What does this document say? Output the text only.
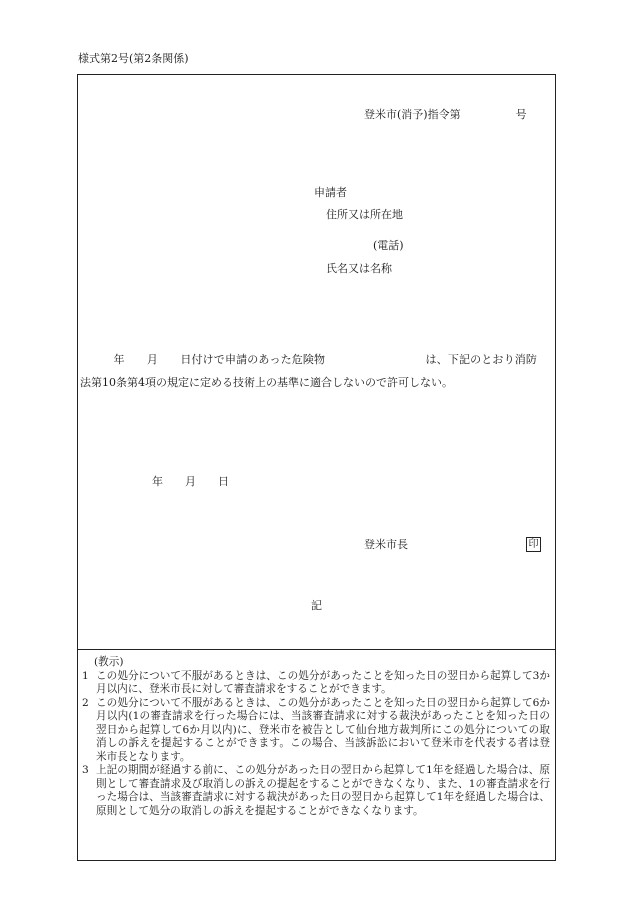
様式第2号(第2条関係)
登米市(消予)指令第　　　　　号
申請者
住所又は所在地
(電話)
氏名又は名称
　　　年　　月　　日付けで申請のあった危険物　　　　　　　　　は、下記のとおり消防
法第10条第4項の規定に定める技術上の基準に適合しないので許可しない。
年　　月　　日
登米市長	印
記
(教示)
1 この処分について不服があるときは、この処分があったことを知った日の翌日から起算して3か月以内に、登米市長に対して審査請求をすることができます。
2 この処分について不服があるときは、この処分があったことを知った日の翌日から起算して6か月以内(1の審査請求を行った場合には、当該審査請求に対する裁決があったことを知った日の翌日から起算して6か月以内)に、登米市を被告として仙台地方裁判所にこの処分についての取消しの訴えを提起することができます。この場合、当該訴訟において登米市を代表する者は登米市長となります。
3 上記の期間が経過する前に、この処分があった日の翌日から起算して1年を経過した場合は、原則として審査請求及び取消しの訴えの提起をすることができなくなり、また、1の審査請求を行った場合は、当該審査請求に対する裁決があった日の翌日から起算して1年を経過した場合は、原則として処分の取消しの訴えを提起することができなくなります。
